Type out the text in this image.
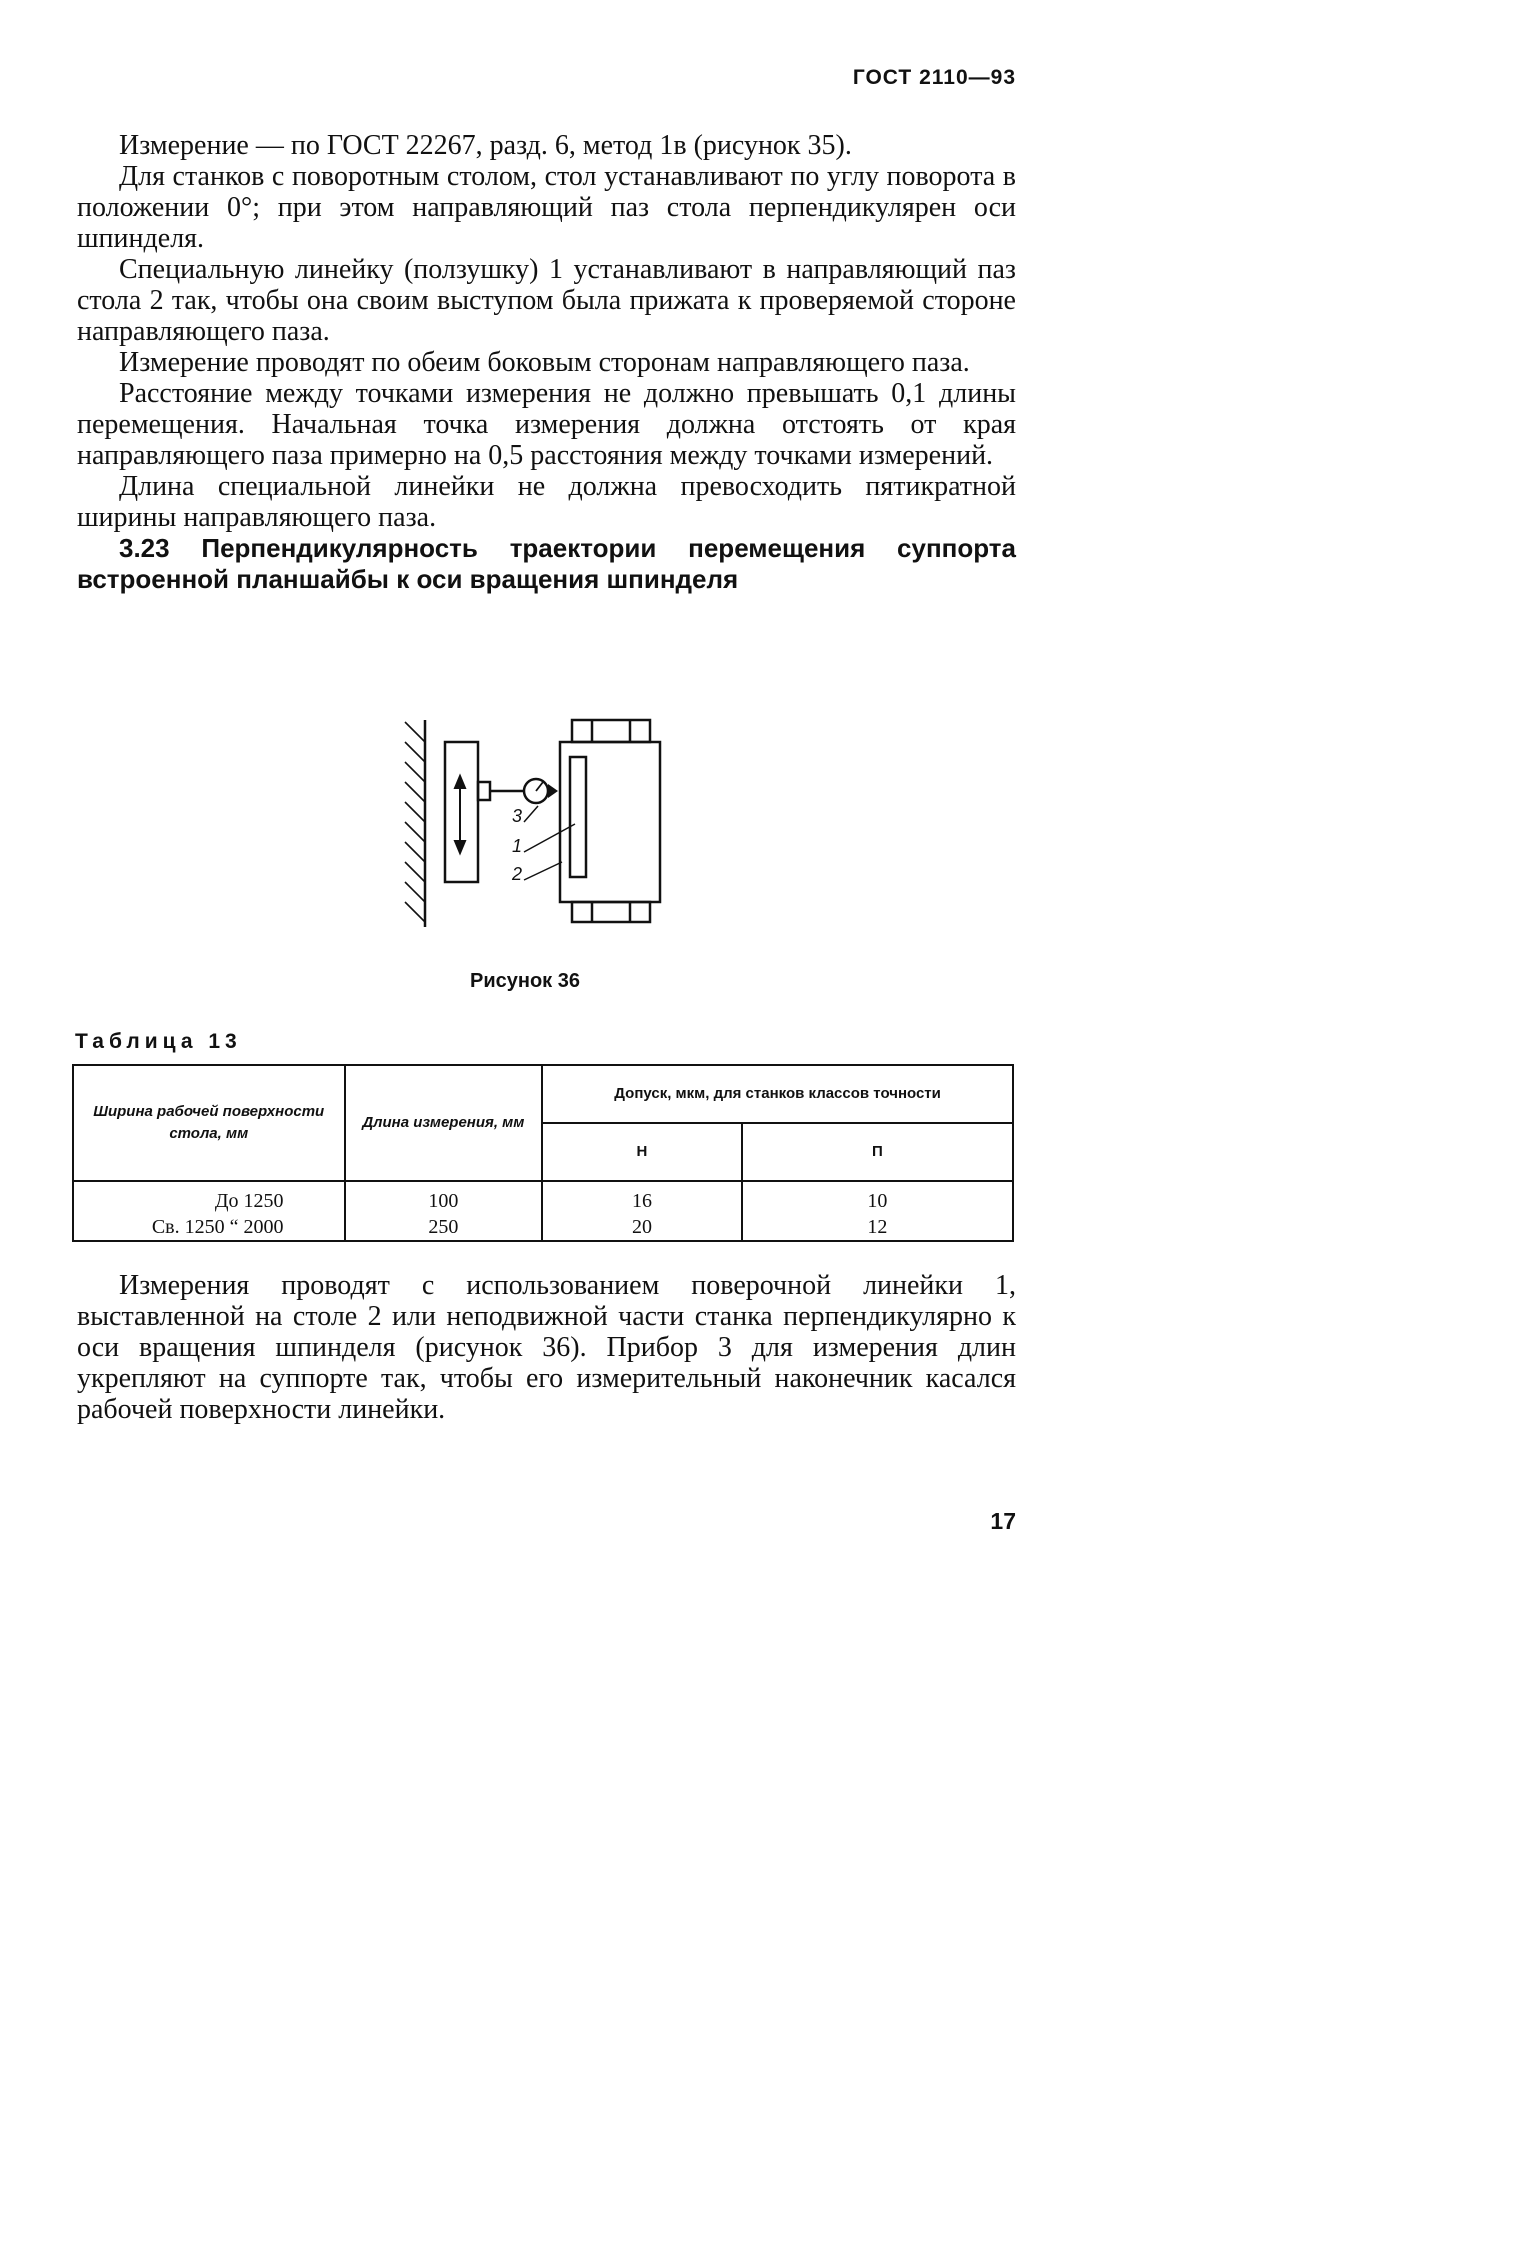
ГОСТ 2110—93

Измерение — по ГОСТ 22267, разд. 6, метод 1в (рисунок 35).

Для станков с поворотным столом, стол устанавливают по углу поворота в положении 0°; при этом направляющий паз стола перпендикулярен оси шпинделя.

Специальную линейку (ползушку) 1 устанавливают в направляющий паз стола 2 так, чтобы она своим выступом была прижата к проверяемой стороне направляющего паза.

Измерение проводят по обеим боковым сторонам направляющего паза.

Расстояние между точками измерения не должно превышать 0,1 длины перемещения. Начальная точка измерения должна отстоять от края направляющего паза примерно на 0,5 расстояния между точками измерений.

Длина специальной линейки не должна превосходить пятикратной ширины направляющего паза.

3.23 Перпендикулярность траектории перемещения суппорта встроенной планшайбы к оси вращения шпинделя

3
1
2
Рисунок 36
Таблица 13
Ширина рабочей поверхности стола, мм	Длина измерения, мм	Допуск, мкм, для станков классов точности	
		Н	П
До 1250	100	16	10
Св. 1250 “ 2000	250	20	12

Измерения проводят с использованием поверочной линейки 1, выставленной на столе 2 или неподвижной части станка перпендикулярно к оси вращения шпинделя (рисунок 36). Прибор 3 для измерения длин укрепляют на суппорте так, чтобы его измерительный наконечник касался рабочей поверхности линейки.

17
